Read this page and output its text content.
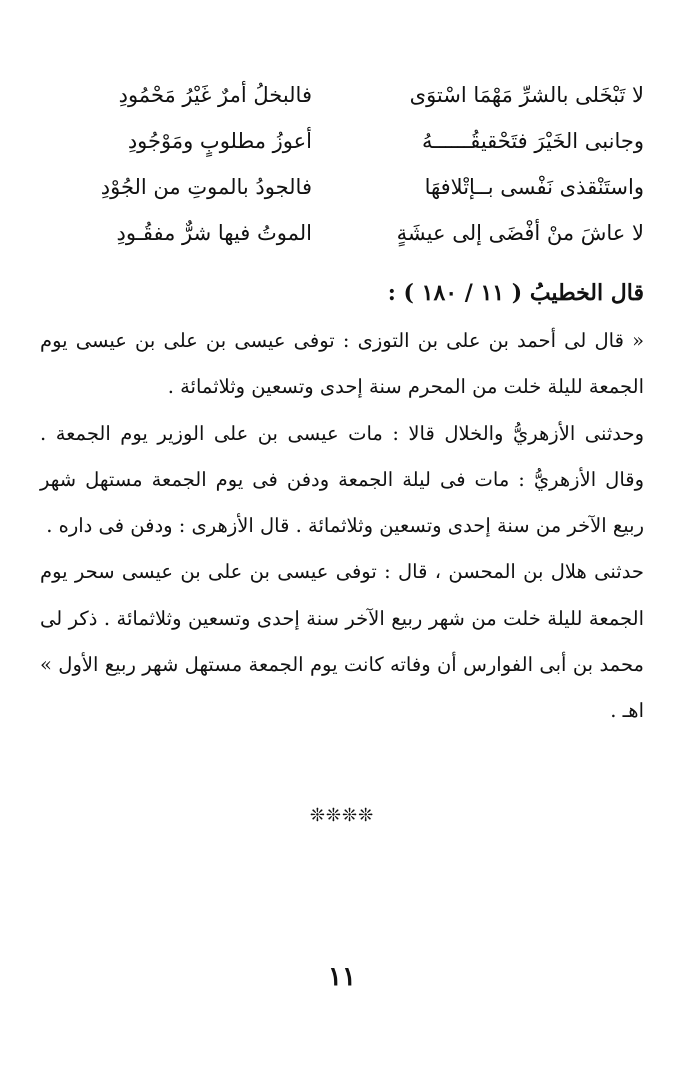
لا تَبْخَلى بالشرِّ مَهْمَا اسْتوَى
فالبخلُ أمرٌ غَيْرُ مَحْمُودِ
وجانبى الخَيْرَ فتَحْقيقُــــــهُ
أعوزُ مطلوبٍ ومَوْجُودِ
واستَنْقذى نَفْسى بــإتْلافهَا
فالجودُ بالموتِ من الجُوْدِ
لا عاشَ منْ أفْضَى إلى عيشَةٍ
الموتُ فيها شرٌّ مفقُـودِ
قال الخطيبُ ( ١١ / ١٨٠ ) :

« قال لى أحمد بن على بن التوزى : توفى عيسى بن على بن عيسى يوم الجمعة لليلة خلت من المحرم سنة إحدى وتسعين وثلاثمائة .

وحدثنى الأزهريُّ والخلال قالا : مات عيسى بن على الوزير يوم الجمعة . وقال الأزهريُّ : مات فى ليلة الجمعة ودفن فى يوم الجمعة مستهل شهر ربيع الآخر من سنة إحدى وتسعين وثلاثمائة . قال الأزهرى : ودفن فى داره .

حدثنى هلال بن المحسن ، قال : توفى عيسى بن على بن عيسى سحر يوم الجمعة لليلة خلت من شهر ربيع الآخر سنة إحدى وتسعين وثلاثمائة . ذكر لى محمد بن أبى الفوارس أن وفاته كانت يوم الجمعة مستهل شهر ربيع الأول » اهـ .

❊❊❊❊
١١
